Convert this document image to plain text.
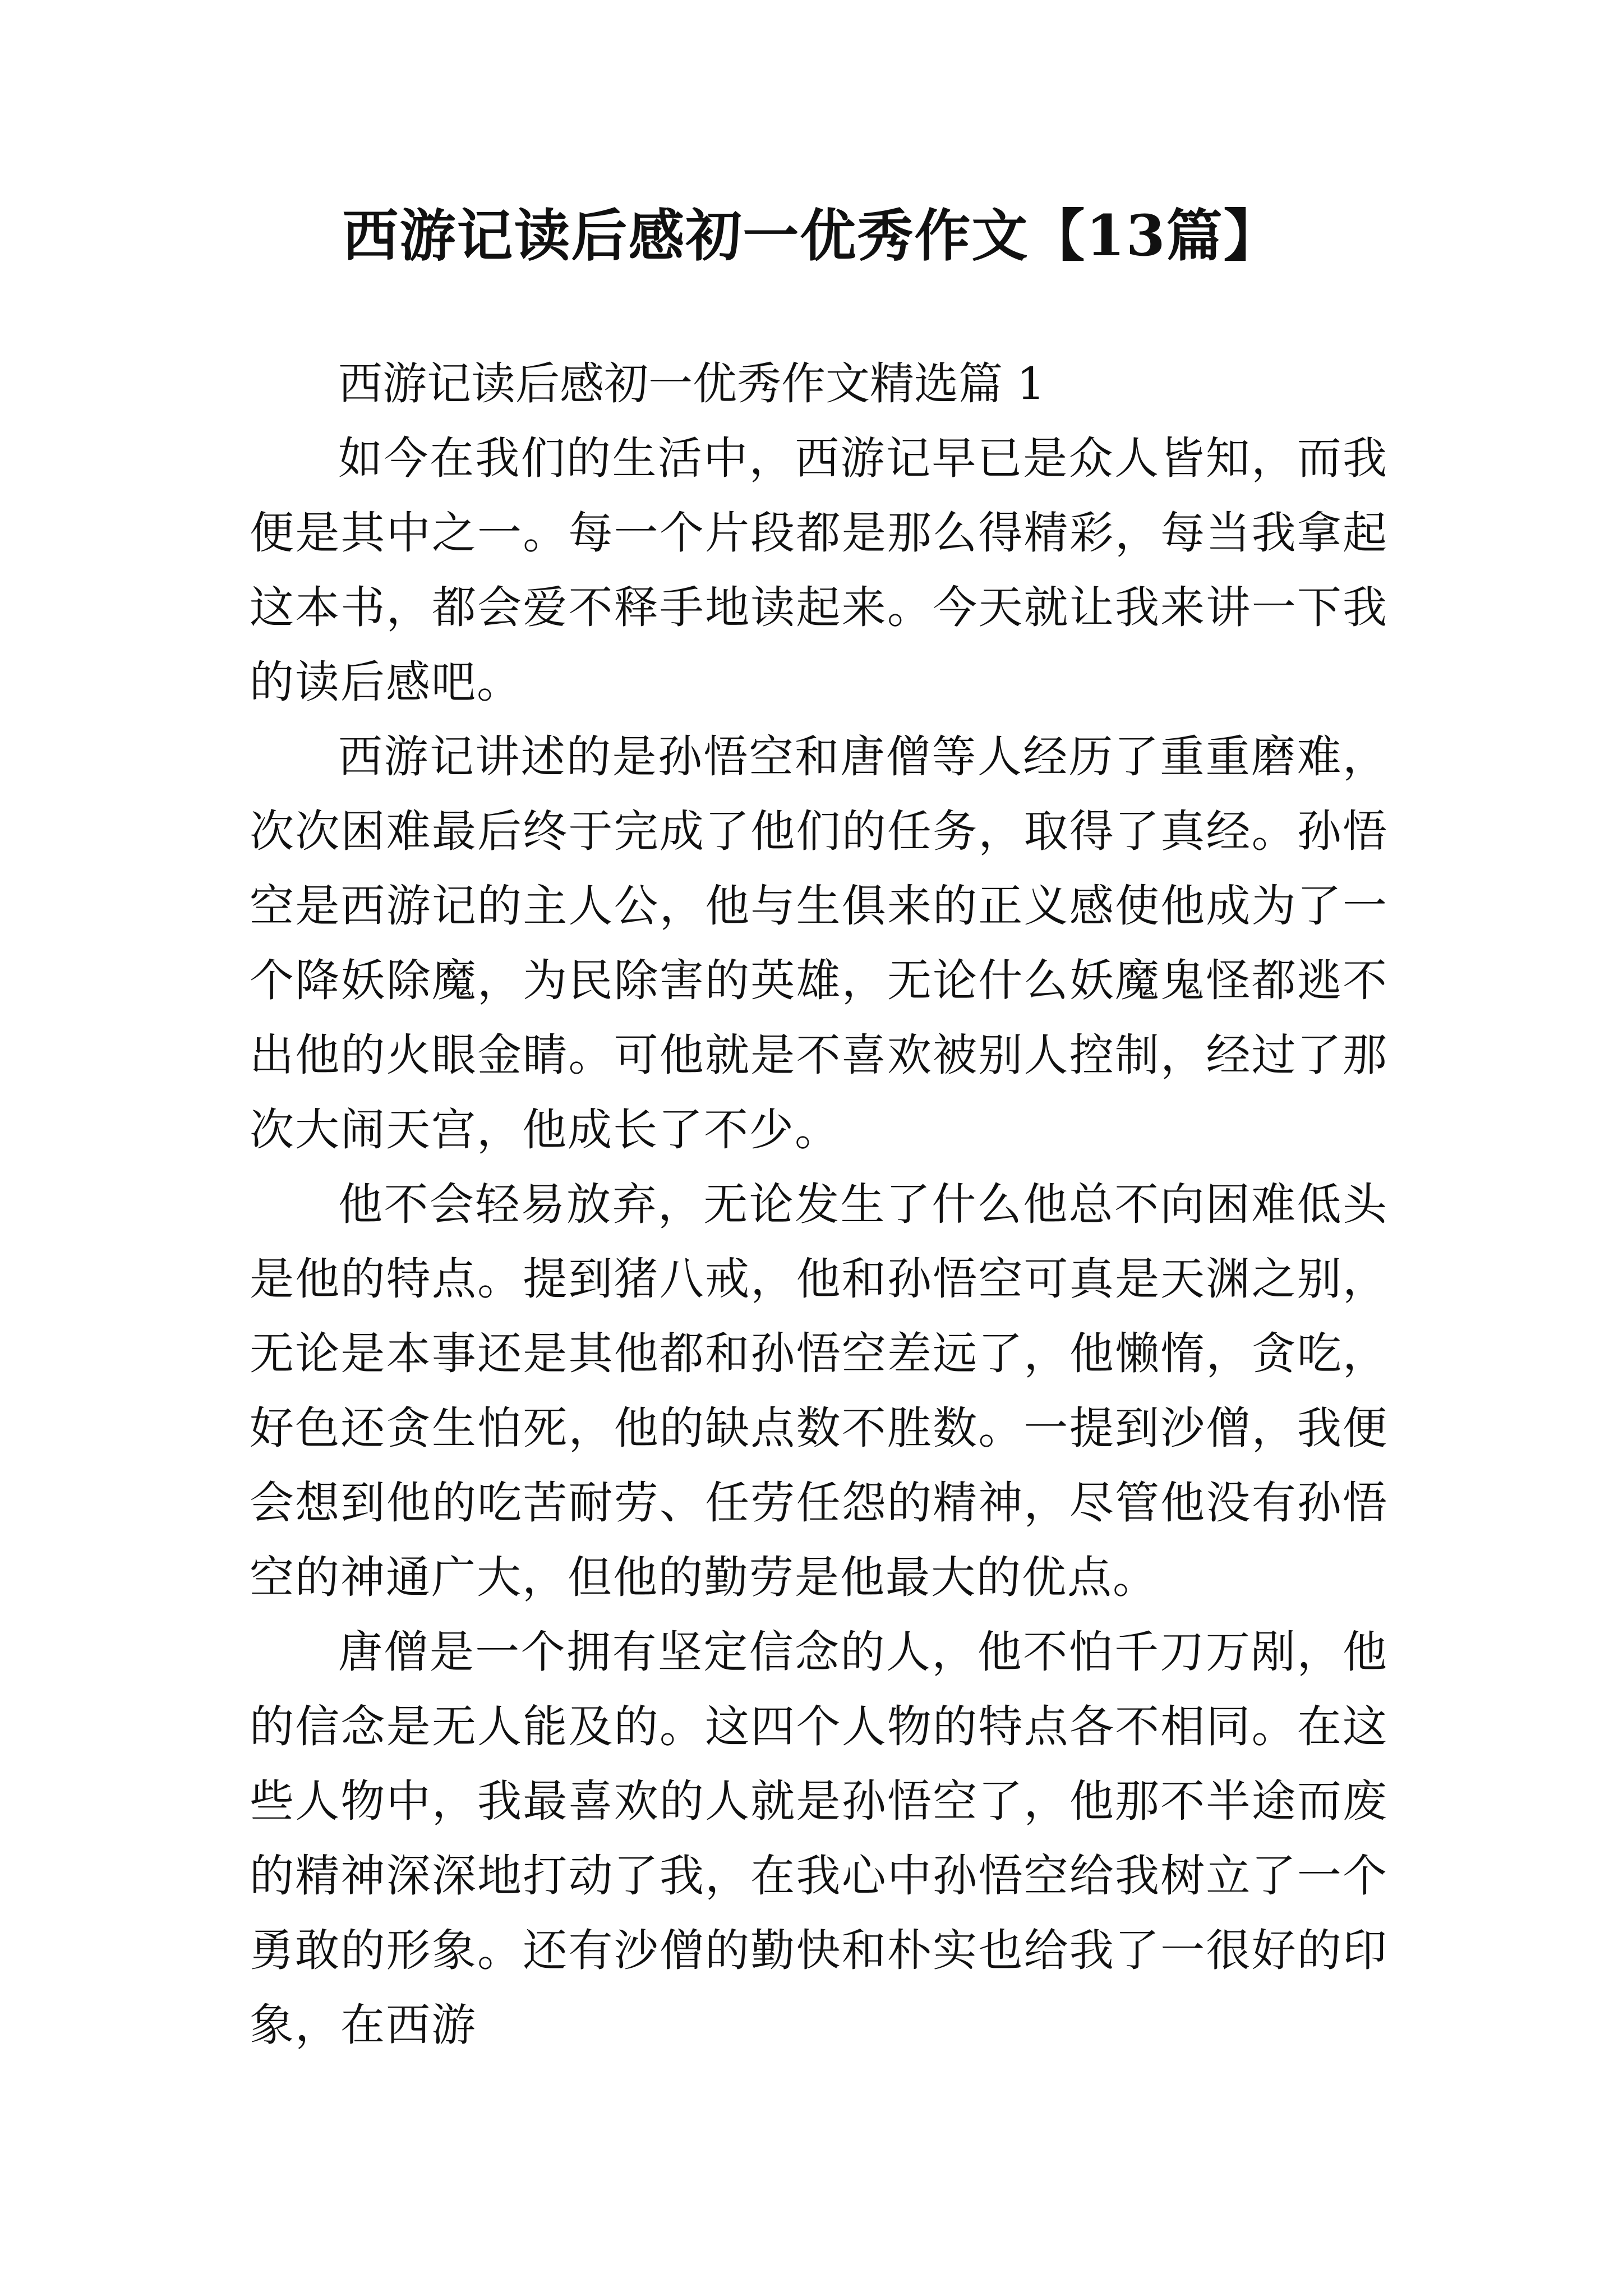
西游记读后感初一优秀作文【13篇】

西游记读后感初一优秀作文精选篇 1

如今在我们的生活中，西游记早已是众人皆知，而我便是其中之一。每一个片段都是那么得精彩，每当我拿起这本书，都会爱不释手地读起来。今天就让我来讲一下我的读后感吧。

西游记讲述的是孙悟空和唐僧等人经历了重重磨难，次次困难最后终于完成了他们的任务，取得了真经。孙悟空是西游记的主人公，他与生俱来的正义感使他成为了一个降妖除魔，为民除害的英雄，无论什么妖魔鬼怪都逃不出他的火眼金睛。可他就是不喜欢被别人控制，经过了那次大闹天宫，他成长了不少。

他不会轻易放弃，无论发生了什么他总不向困难低头是他的特点。提到猪八戒，他和孙悟空可真是天渊之别，无论是本事还是其他都和孙悟空差远了，他懒惰，贪吃，好色还贪生怕死，他的缺点数不胜数。一提到沙僧，我便会想到他的吃苦耐劳、任劳任怨的精神，尽管他没有孙悟空的神通广大，但他的勤劳是他最大的优点。

唐僧是一个拥有坚定信念的人，他不怕千刀万剐，他的信念是无人能及的。这四个人物的特点各不相同。在这些人物中，我最喜欢的人就是孙悟空了，他那不半途而废的精神深深地打动了我，在我心中孙悟空给我树立了一个勇敢的形象。还有沙僧的勤快和朴实也给我了一很好的印象，在西游
